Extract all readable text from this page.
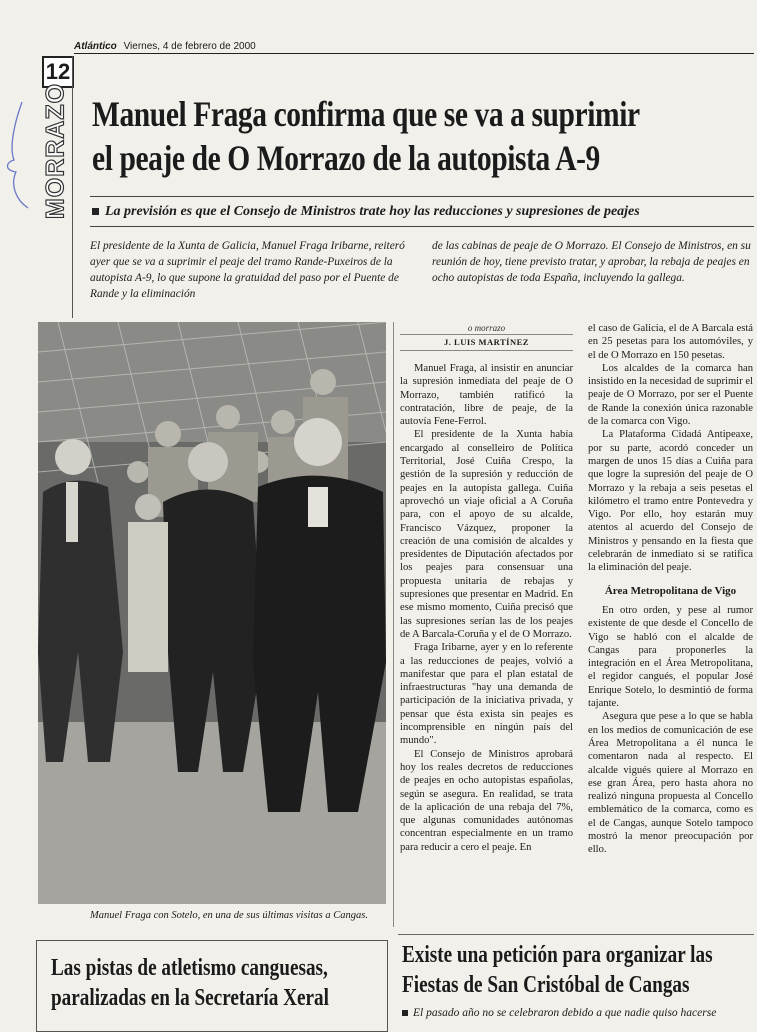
Atlántico Viernes, 4 de febrero de 2000
12
MORRAZO Manuel Fraga confirma que se va a suprimir
el peaje de O Morrazo de la autopista A-9
La previsión es que el Consejo de Ministros trate hoy las reducciones y supresiones de peajes
El presidente de la Xunta de Galicia, Manuel Fraga Iribarne, reiteró ayer que se va a suprimir el peaje del tramo Rande-Puxeiros de la autopista A-9, lo que supone la gratuidad del paso por el Puente de Rande y la eliminación
de las cabinas de peaje de O Morrazo. El Consejo de Ministros, en su reunión de hoy, tiene previsto tratar, y aprobar, la rebaja de peajes en ocho autopistas de toda España, incluyendo la gallega.
Manuel Fraga con Sotelo, en una de sus últimas visitas a Cangas.
o morrazo
J. LUIS MARTÍNEZ

Manuel Fraga, al insistir en anunciar la supresión inmediata del peaje de O Morrazo, también ratificó la contratación, libre de peaje, de la autovía Fene-Ferrol.

El presidente de la Xunta había encargado al conselleiro de Política Territorial, José Cuiña Crespo, la gestión de la supresión y reducción de peajes en la autopista gallega. Cuiña aprovechó un viaje oficial a A Coruña para, con el apoyo de su alcalde, Francisco Vázquez, proponer la creación de una comisión de alcaldes y presidentes de Diputación afectados por los peajes para consensuar una propuesta unitaria de rebajas y supresiones que presentar en Madrid. En ese mismo momento, Cuiña precisó que las supresiones serían las de los peajes de A Barcala-Coruña y el de O Morrazo.

Fraga Iribarne, ayer y en lo referente a las reducciones de peajes, volvió a manifestar que para el plan estatal de infraestructuras "hay una demanda de participación de la iniciativa privada, y pensar que ésta exista sin peajes es incomprensible en ningún país del mundo".

El Consejo de Ministros aprobará hoy los reales decretos de reducciones de peajes en ocho autopistas españolas, según se asegura. En realidad, se trata de la aplicación de una rebaja del 7%, que algunas comunidades autónomas concentran especialmente en un tramo para reducir a cero el peaje. En

el caso de Galicia, el de A Barcala está en 25 pesetas para los automóviles, y el de O Morrazo en 150 pesetas.

Los alcaldes de la comarca han insistido en la necesidad de suprimir el peaje de O Morrazo, por ser el Puente de Rande la conexión única razonable de la comarca con Vigo.

La Plataforma Cidadá Antipeaxe, por su parte, acordó conceder un margen de unos 15 días a Cuiña para que logre la supresión del peaje de O Morrazo y la rebaja a seis pesetas el kilómetro el tramo entre Pontevedra y Vigo. Por ello, hoy estarán muy atentos al acuerdo del Consejo de Ministros y pensando en la fiesta que celebrarán de inmediato si se ratifica la eliminación del peaje.

Área Metropolitana de Vigo

En otro orden, y pese al rumor existente de que desde el Concello de Vigo se habló con el alcalde de Cangas para proponerles la integración en el Área Metropolitana, el regidor cangués, el popular José Enrique Sotelo, lo desmintió de forma tajante.

Asegura que pese a lo que se habla en los medios de comunicación de ese Área Metropolitana a él nunca le comentaron nada al respecto. El alcalde vigués quiere al Morrazo en ese gran Área, pero hasta ahora no realizó ninguna propuesta al Concello emblemático de la comarca, como es el de Cangas, aunque Sotelo tampoco mostró la menor preocupación por ello.

Las pistas de atletismo canguesas,
paralizadas en la Secretaría Xeral
Existe una petición para organizar las
Fiestas de San Cristóbal de Cangas
El pasado año no se celebraron debido a que nadie quiso hacerse
